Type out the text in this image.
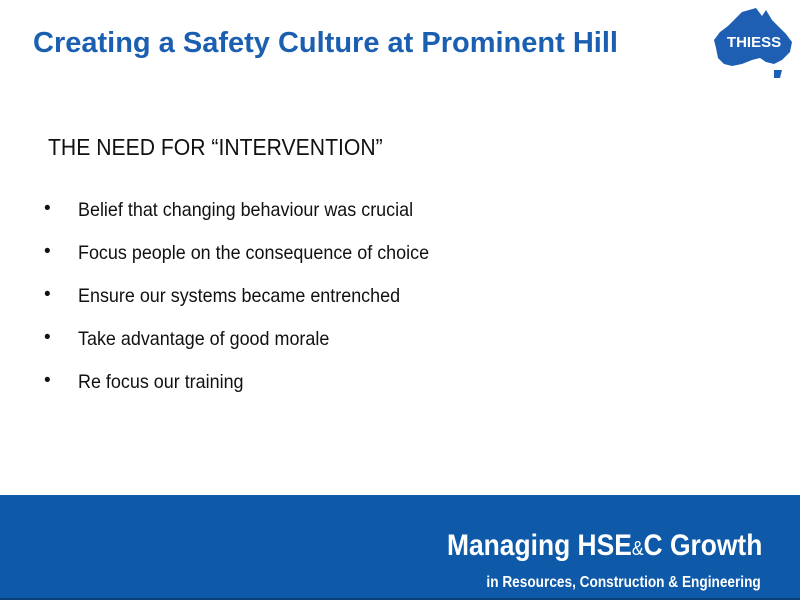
Creating a Safety Culture at Prominent Hill	THIESS
THE NEED FOR “INTERVENTION”
• Belief that changing behaviour was crucial
• Focus people on the consequence of choice
• Ensure our systems became entrenched
• Take advantage of good morale
• Re focus our training
Managing HSE&C Growth
in Resources, Construction & Engineering
